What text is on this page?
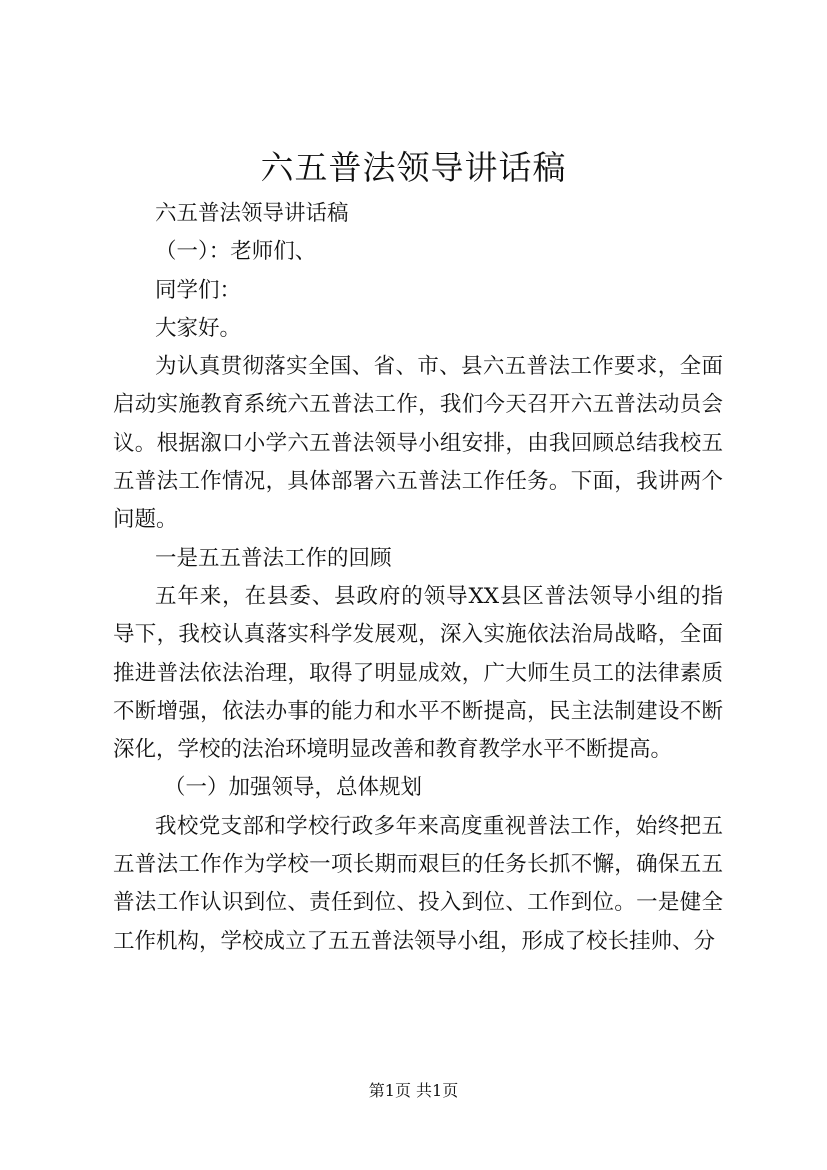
六五普法领导讲话稿

六五普法领导讲话稿

（一）：老师们、

同学们：

大家好。

为认真贯彻落实全国、省、市、县六五普法工作要求，全面启动实施教育系统六五普法工作，我们今天召开六五普法动员会议。根据溆口小学六五普法领导小组安排，由我回顾总结我校五五普法工作情况，具体部署六五普法工作任务。下面，我讲两个问题。

一是五五普法工作的回顾

五年来，在县委、县政府的领导XX县区普法领导小组的指导下，我校认真落实科学发展观，深入实施依法治局战略，全面推进普法依法治理，取得了明显成效，广大师生员工的法律素质不断增强，依法办事的能力和水平不断提高，民主法制建设不断深化，学校的法治环境明显改善和教育教学水平不断提高。

（一）加强领导，总体规划

我校党支部和学校行政多年来高度重视普法工作，始终把五五普法工作作为学校一项长期而艰巨的任务长抓不懈，确保五五普法工作认识到位、责任到位、投入到位、工作到位。一是健全工作机构，学校成立了五五普法领导小组，形成了校长挂帅、分

第1页 共1页
